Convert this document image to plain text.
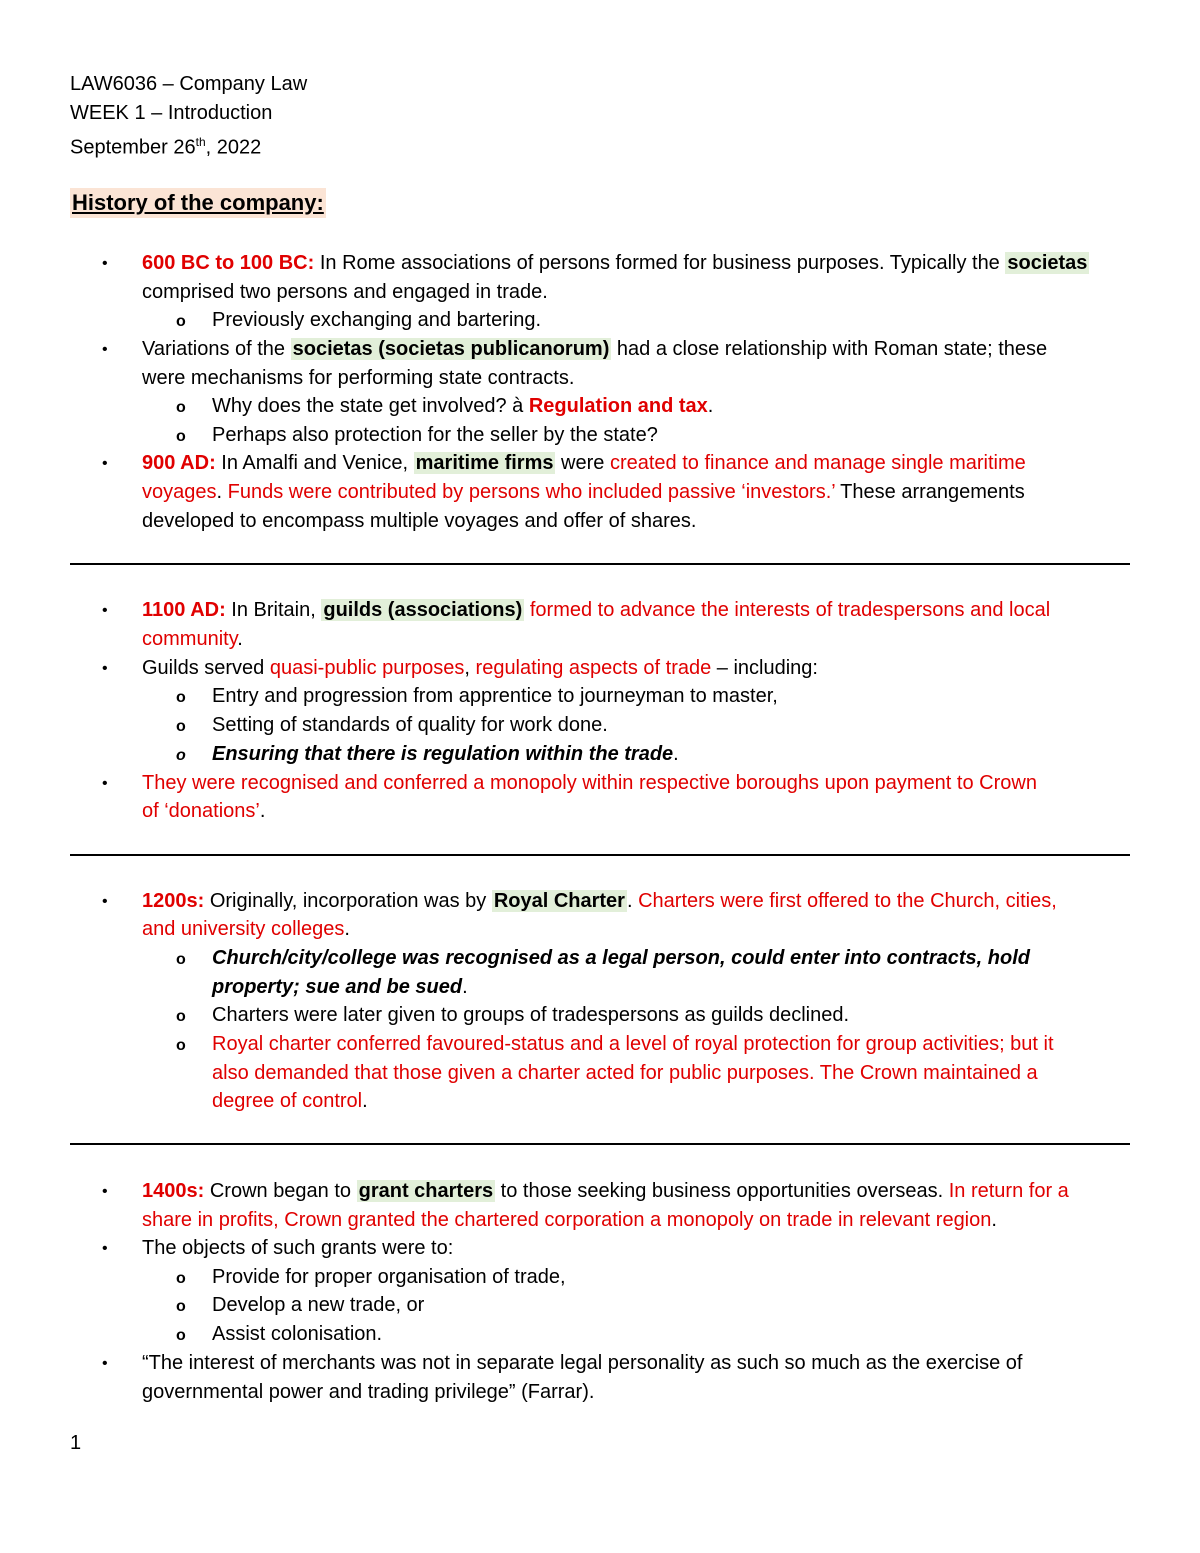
LAW6036 – Company Law
WEEK 1 – Introduction
September 26th, 2022
History of the company:
• 600 BC to 100 BC: In Rome associations of persons formed for business purposes. Typically the societas
comprised two persons and engaged in trade.
o Previously exchanging and bartering.
• Variations of the societas (societas publicanorum) had a close relationship with Roman state; these
were mechanisms for performing state contracts.
o Why does the state get involved? à Regulation and tax.
o Perhaps also protection for the seller by the state?
• 900 AD: In Amalfi and Venice, maritime firms were created to finance and manage single maritime
voyages. Funds were contributed by persons who included passive ‘investors.’ These arrangements
developed to encompass multiple voyages and offer of shares.
• 1100 AD: In Britain, guilds (associations) formed to advance the interests of tradespersons and local
community.
• Guilds served quasi-public purposes, regulating aspects of trade – including:
o Entry and progression from apprentice to journeyman to master,
o Setting of standards of quality for work done.
o Ensuring that there is regulation within the trade.
• They were recognised and conferred a monopoly within respective boroughs upon payment to Crown
of ‘donations’.
• 1200s: Originally, incorporation was by Royal Charter . Charters were first offered to the Church, cities,
and university colleges.
o Church/city/college was recognised as a legal person, could enter into contracts, hold
property; sue and be sued.
o Charters were later given to groups of tradespersons as guilds declined.
o Royal charter conferred favoured-status and a level of royal protection for group activities; but it
also demanded that those given a charter acted for public purposes. The Crown maintained a
degree of control.
• 1400s: Crown began to grant charters to those seeking business opportunities overseas. In return for a
share in profits, Crown granted the chartered corporation a monopoly on trade in relevant region.
• The objects of such grants were to:
o Provide for proper organisation of trade,
o Develop a new trade, or
o Assist colonisation.
• “The interest of merchants was not in separate legal personality as such so much as the exercise of
governmental power and trading privilege” (Farrar).
1
